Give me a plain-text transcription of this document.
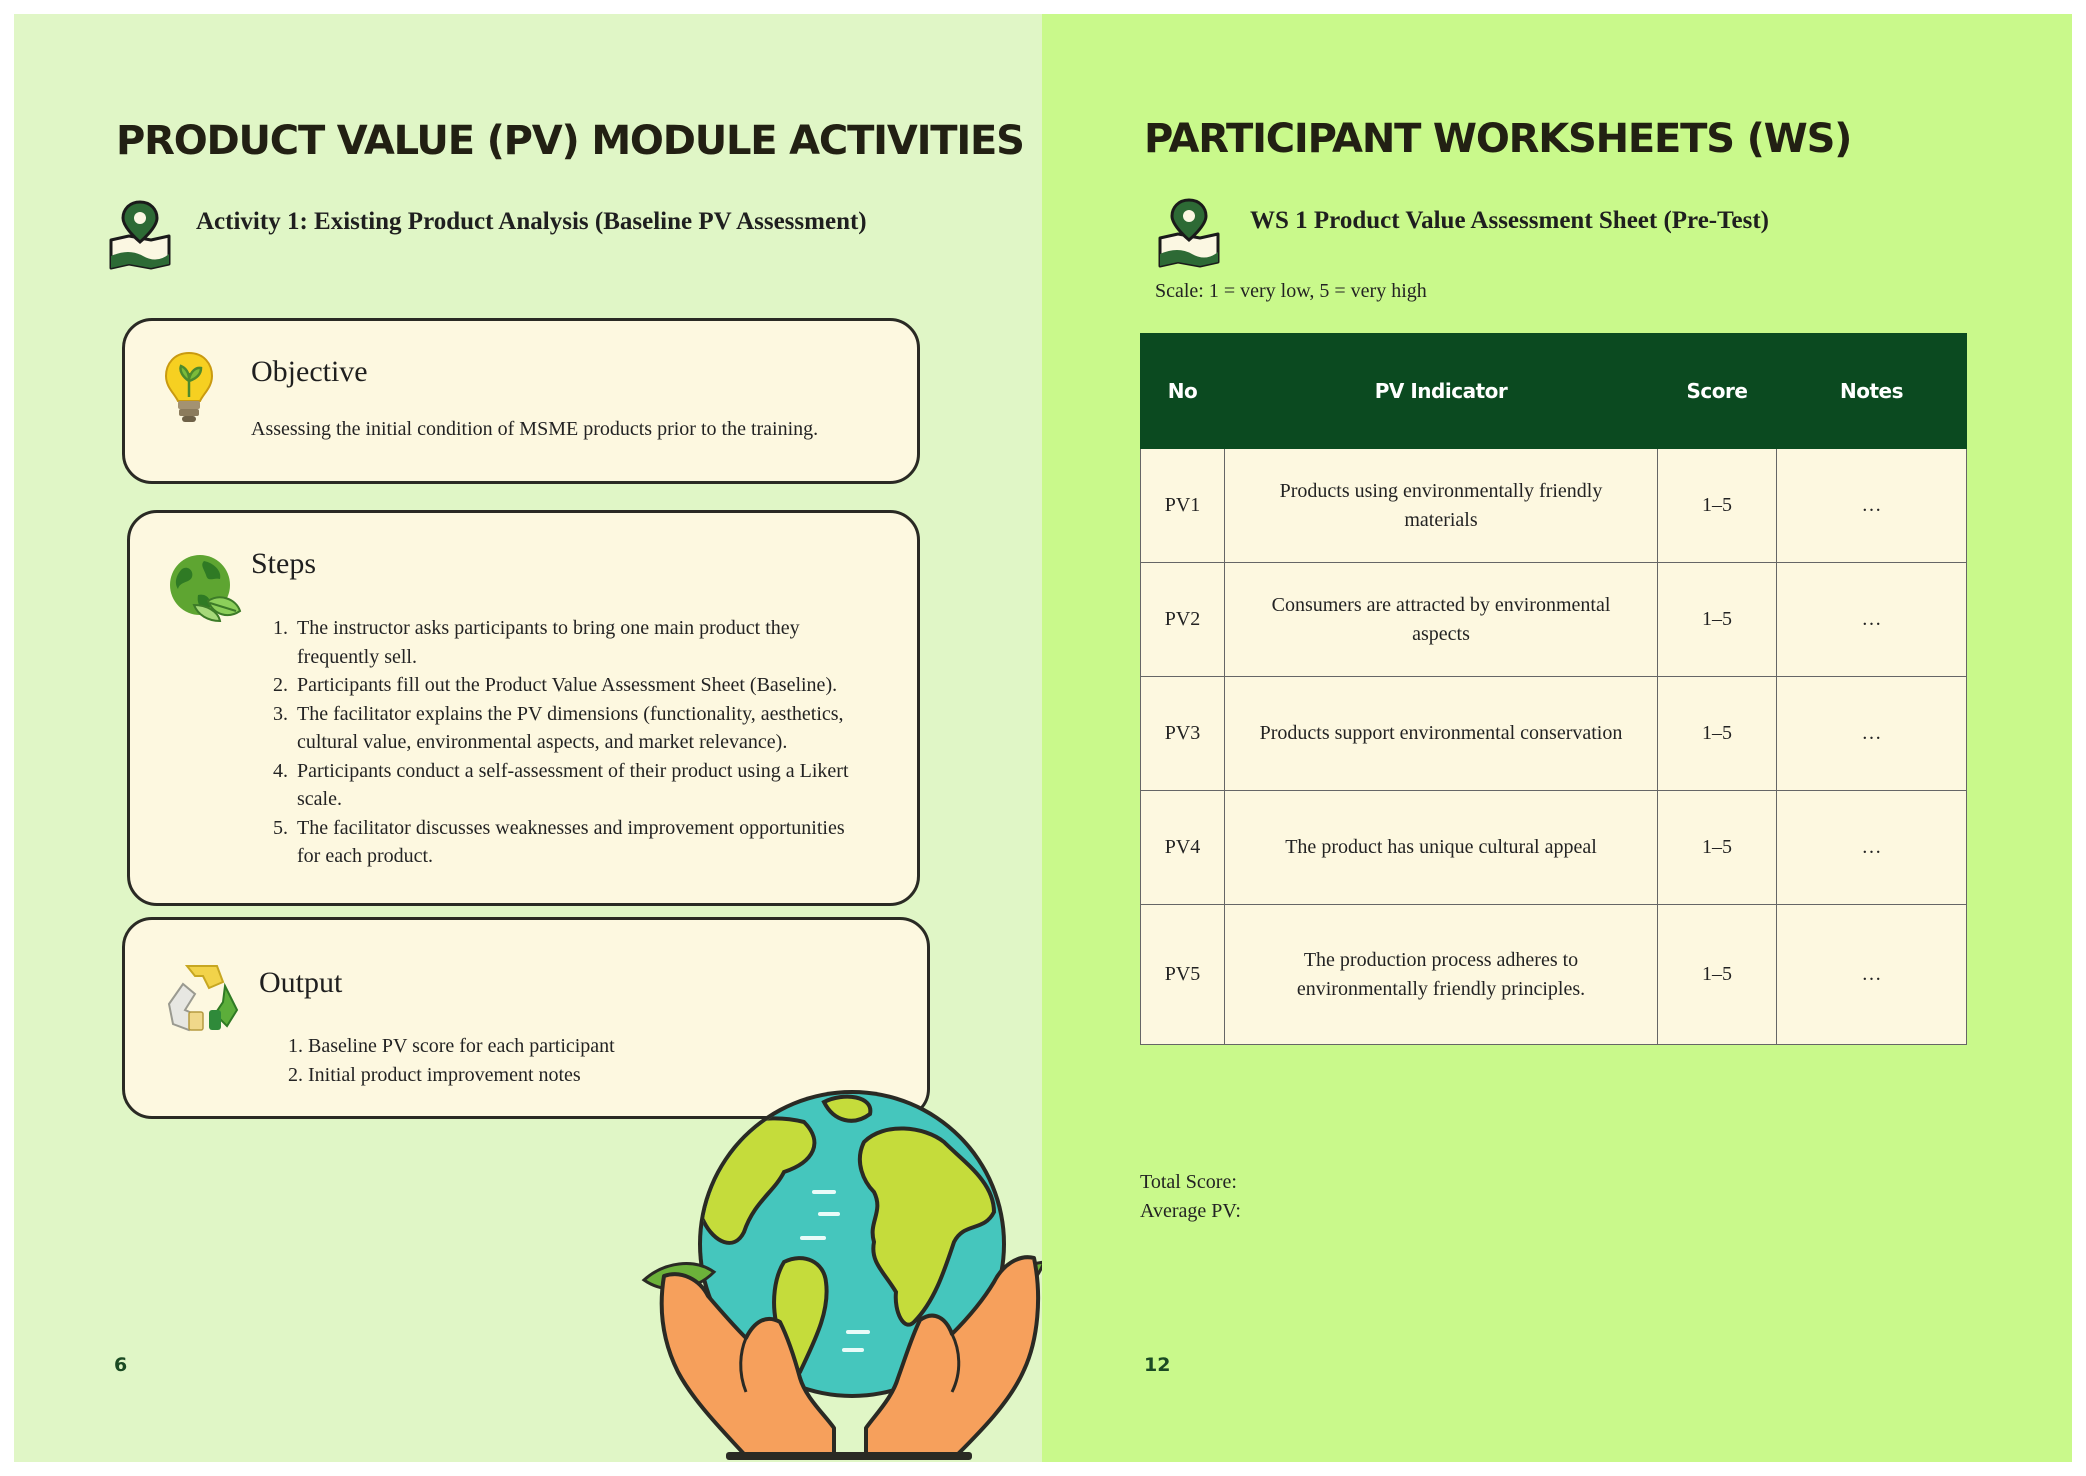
PRODUCT VALUE (PV) MODULE ACTIVITIES
Activity 1: Existing Product Analysis (Baseline PV Assessment)
Objective
Assessing the initial condition of MSME products prior to the training.
Steps
1. The instructor asks participants to bring one main product they
frequently sell.
2. Participants fill out the Product Value Assessment Sheet (Baseline).
3. The facilitator explains the PV dimensions (functionality, aesthetics,
cultural value, environmental aspects, and market relevance).
4. Participants conduct a self-assessment of their product using a Likert
scale.
5. The facilitator discusses weaknesses and improvement opportunities
for each product.
Output
1. Baseline PV score for each participant
2. Initial product improvement notes
6
PARTICIPANT WORKSHEETS (WS)
WS 1 Product Value Assessment Sheet (Pre-Test)
Scale: 1 = very low, 5 = very high
No	PV Indicator	Score	Notes
PV1	Products using environmentally friendly materials	1–5	…
PV2	Consumers are attracted by environmental aspects	1–5	…
PV3	Products support environmental conservation	1–5	…
PV4	The product has unique cultural appeal	1–5	…
PV5	The production process adheres to environmentally friendly principles.	1–5	…
Total Score:
Average PV:
12
